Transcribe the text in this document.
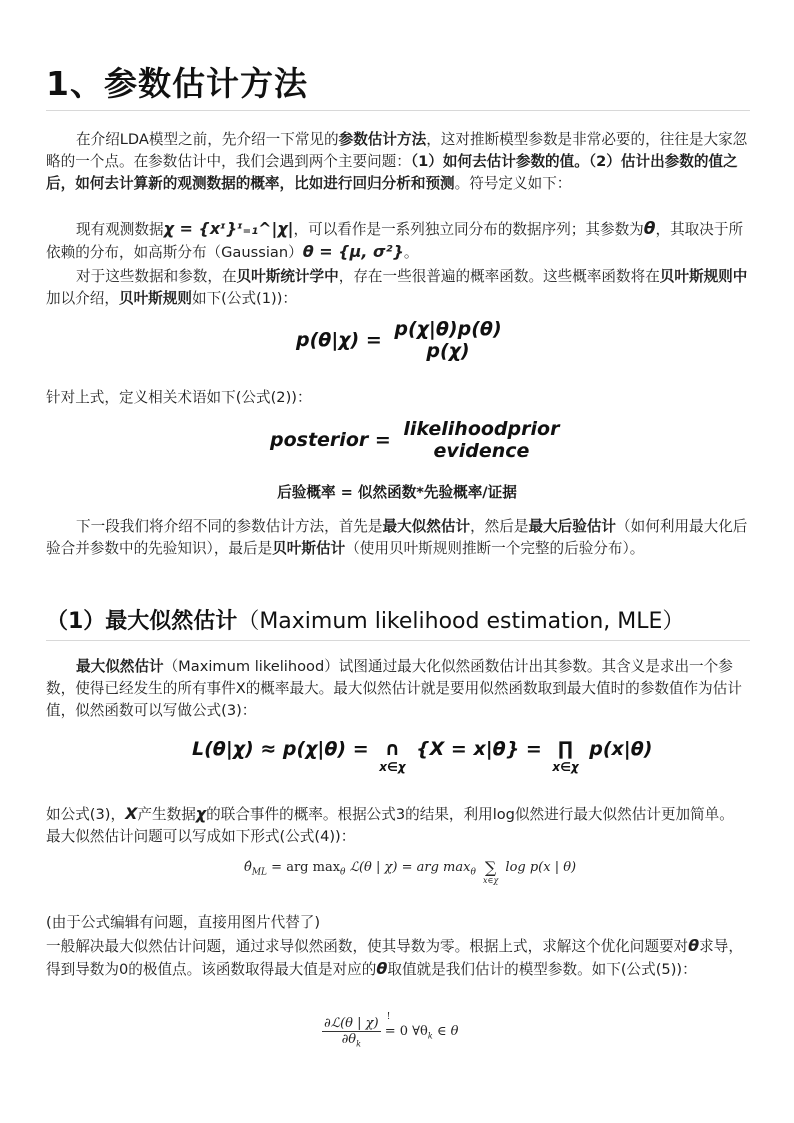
1、参数估计方法
在介绍LDA模型之前，先介绍一下常见的参数估计方法，这对推断模型参数是非常必要的，往往是大家忽略的一个点。在参数估计中，我们会遇到两个主要问题：（1）如何去估计参数的值。（2）估计出参数的值之后，如何去计算新的观测数据的概率，比如进行回归分析和预测。符号定义如下：
现有观测数据χ = {xᶦ}ᶦ₌₁^|χ|，可以看作是一系列独立同分布的数据序列；其参数为θ，其取决于所依赖的分布，如高斯分布（Gaussian）θ = {μ, σ²}。
对于这些数据和参数，在贝叶斯统计学中，存在一些很普遍的概率函数。这些概率函数将在贝叶斯规则中加以介绍，贝叶斯规则如下(公式(1))：
p(θ|χ) = p(χ|θ)p(θ)
p(χ)
针对上式，定义相关术语如下(公式(2))：
posterior = likelihoodprior
evidence
后验概率 = 似然函数*先验概率/证据
下一段我们将介绍不同的参数估计方法，首先是最大似然估计，然后是最大后验估计（如何利用最大化后验合并参数中的先验知识），最后是贝叶斯估计（使用贝叶斯规则推断一个完整的后验分布）。
（1）最大似然估计（Maximum likelihood estimation, MLE）
最大似然估计（Maximum likelihood）试图通过最大化似然函数估计出其参数。其含义是求出一个参数，使得已经发生的所有事件X的概率最大。最大似然估计就是要用似然函数取到最大值时的参数值作为估计值，似然函数可以写做公式(3)：
L(θ|χ) ≈ p(χ|θ) = ∩
x∈χ
{X = x|θ} = ∏
x∈χ
p(x|θ)
如公式(3)，X产生数据χ的联合事件的概率。根据公式3的结果，利用log似然进行最大似然估计更加简单。最大似然估计问题可以写成如下形式(公式(4))：
$\thetâ_{ML}$ = arg $\max_\theta$ ℒ(θ | χ) = arg $\max_\theta$ ∑
x∈χ
log p(x | θ)
(由于公式编辑有问题，直接用图片代替了)
一般解决最大似然估计问题，通过求导似然函数，使其导数为零。根据上式，求解这个优化问题要对θ求导，得到导数为0的极值点。该函数取得最大值是对应的θ取值就是我们估计的模型参数。如下(公式(5))：
$\frac{\text{∂ℒ(θ | χ)}}{\partial\theta_k}$
!
= 0 $\forall\theta_k$ ∈ θ
